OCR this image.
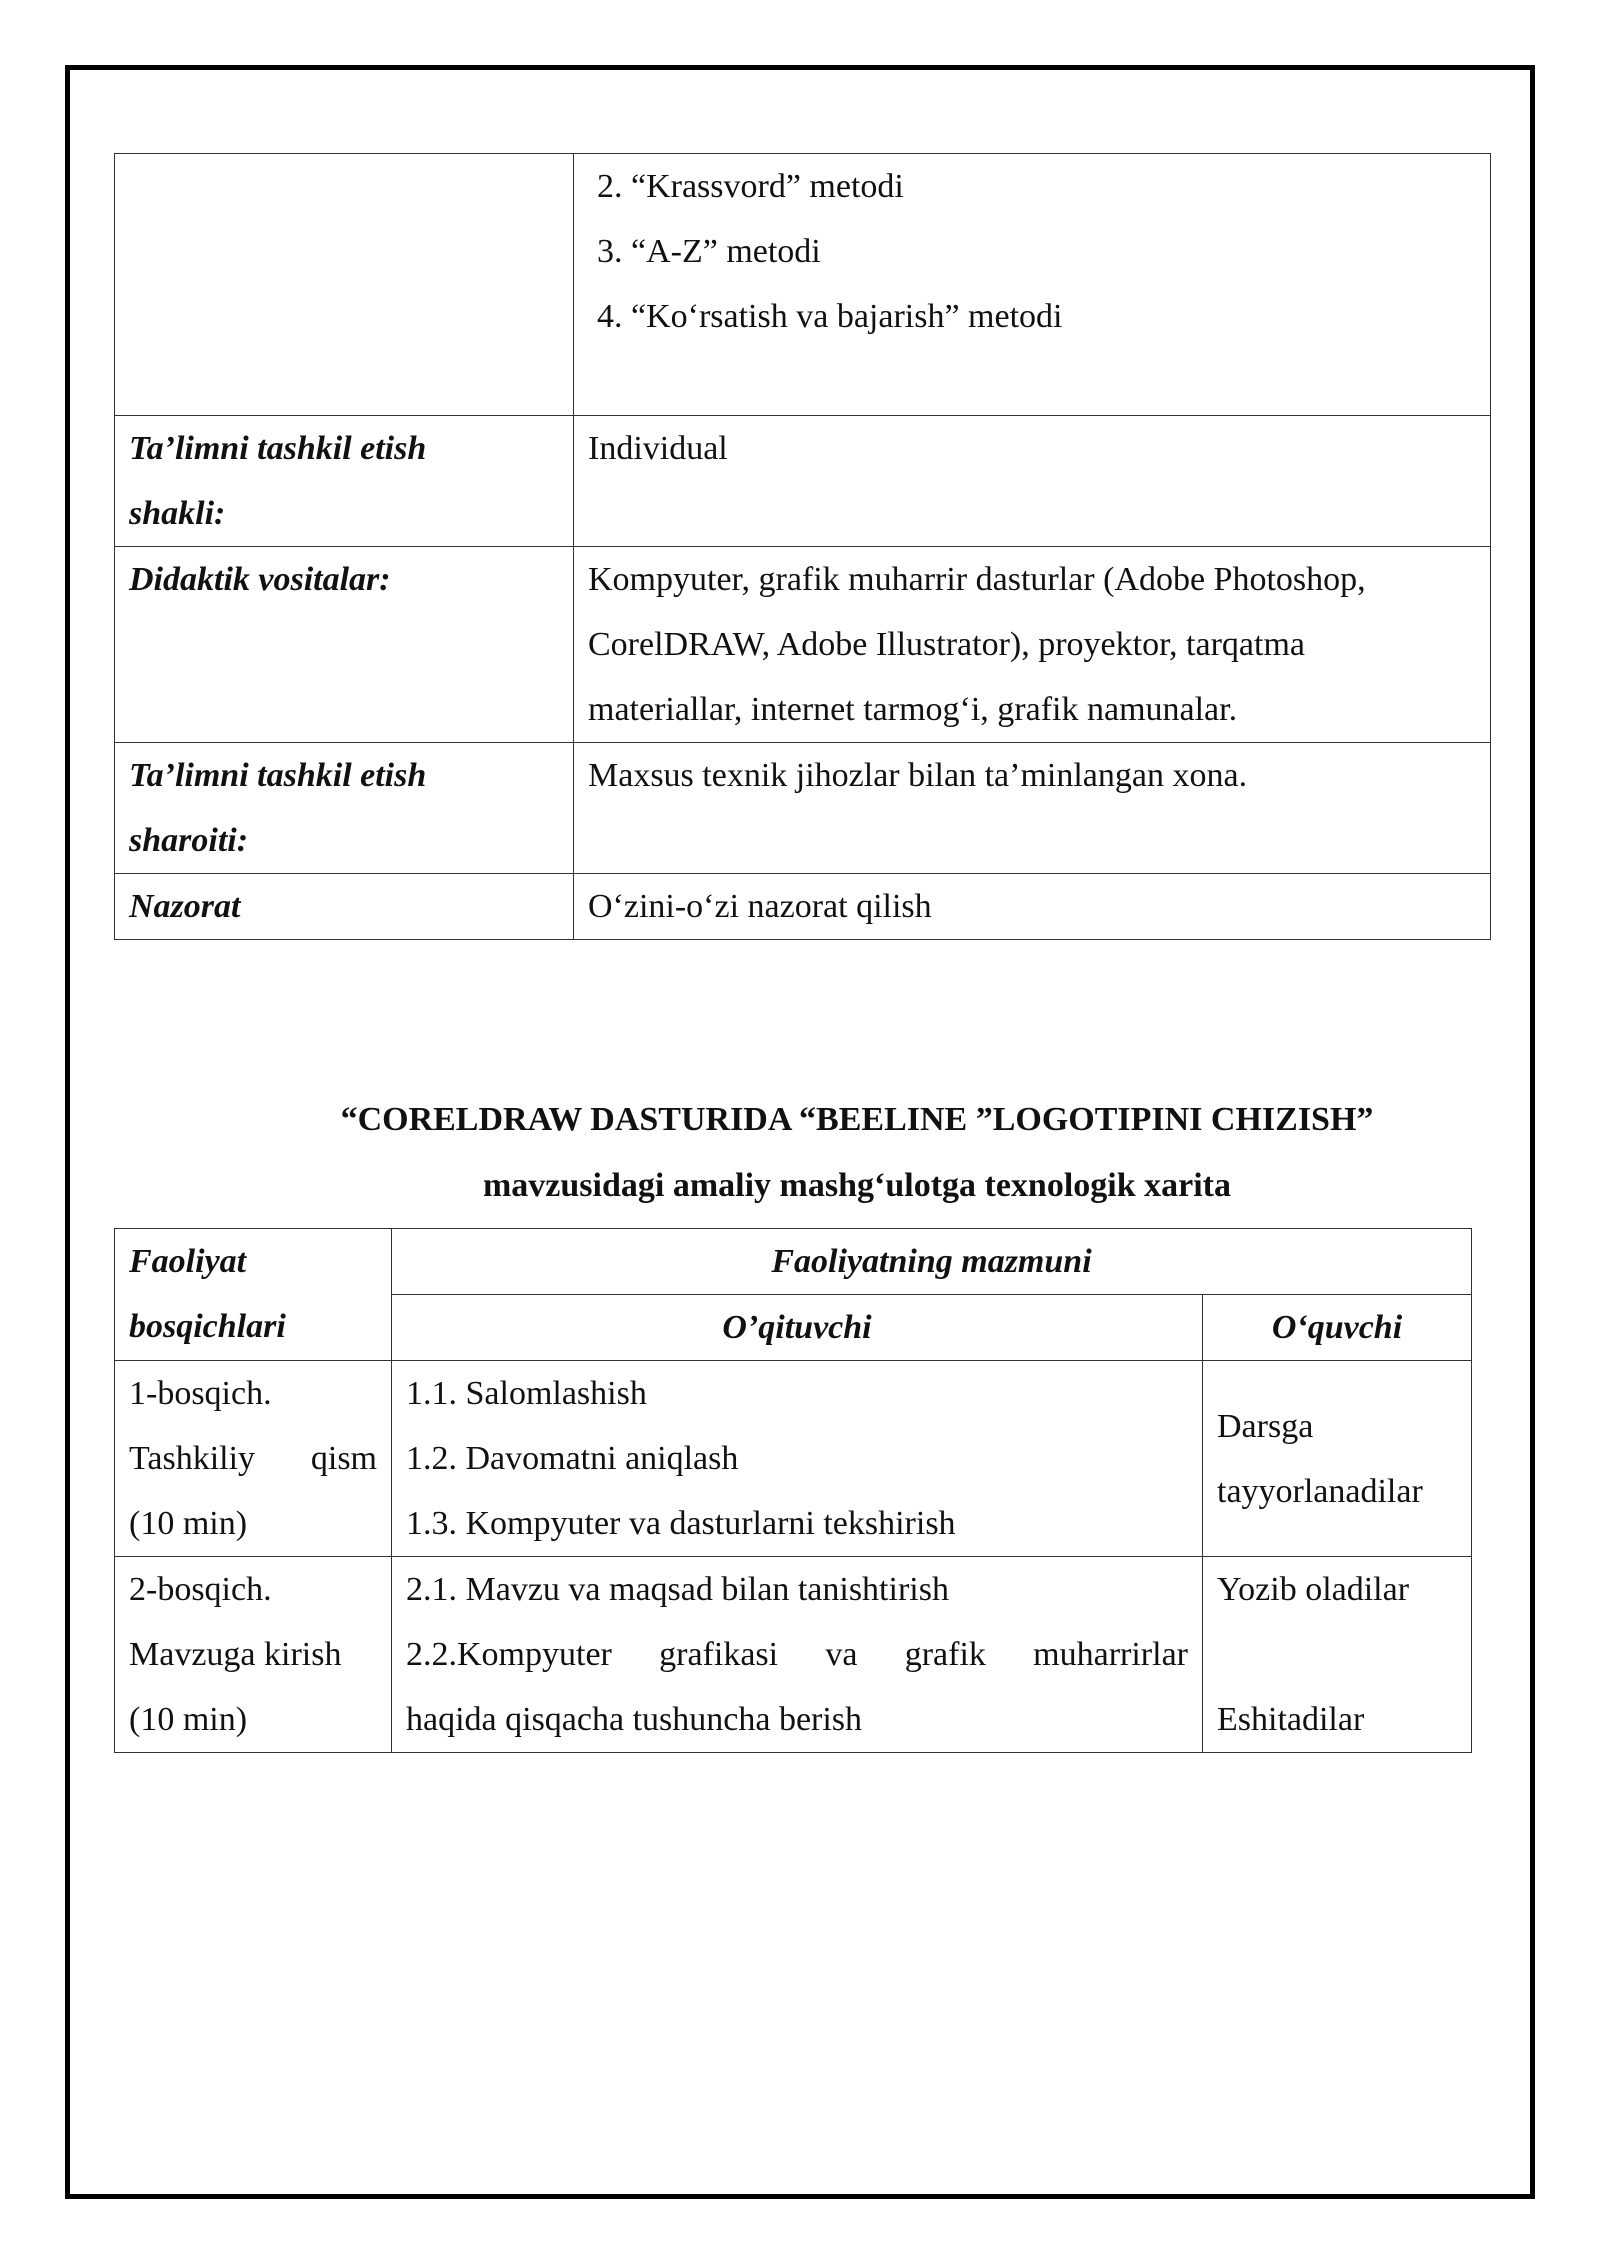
	2. “Krassvord” metodi
3. “A-Z” metodi
4. “Ko‘rsatish va bajarish” metodi

Ta’limni tashkil etish
shakli:	Individual

Didaktik vositalar:	Kompyuter, grafik muharrir dasturlar (Adobe Photoshop,
CorelDRAW, Adobe Illustrator), proyektor, tarqatma
materiallar, internet tarmog‘i, grafik namunalar.

Ta’limni tashkil etish
sharoiti:	Maxsus texnik jihozlar bilan ta’minlangan xona.

Nazorat	O‘zini-o‘zi nazorat qilish
“CORELDRAW DASTURIDA “BEELINE ”LOGOTIPINI CHIZISH”
mavzusidagi amaliy mashg‘ulotga texnologik xarita
Faoliyat
bosqichlari	Faoliyatning mazmuni	
	O’qituvchi	O‘quvchi

1-bosqich.
Tashkiliy qism
(10 min)	1.1. Salomlashish
1.2. Davomatni aniqlash
1.3. Kompyuter va dasturlarni tekshirish	Darsga
tayyorlanadilar

2-bosqich.
Mavzuga kirish
(10 min)	2.1. Mavzu va maqsad bilan tanishtirish
2.2.Kompyuter grafikasi va grafik muharrirlar
haqida qisqacha tushuncha berish	Yozib oladilar
Eshitadilar
